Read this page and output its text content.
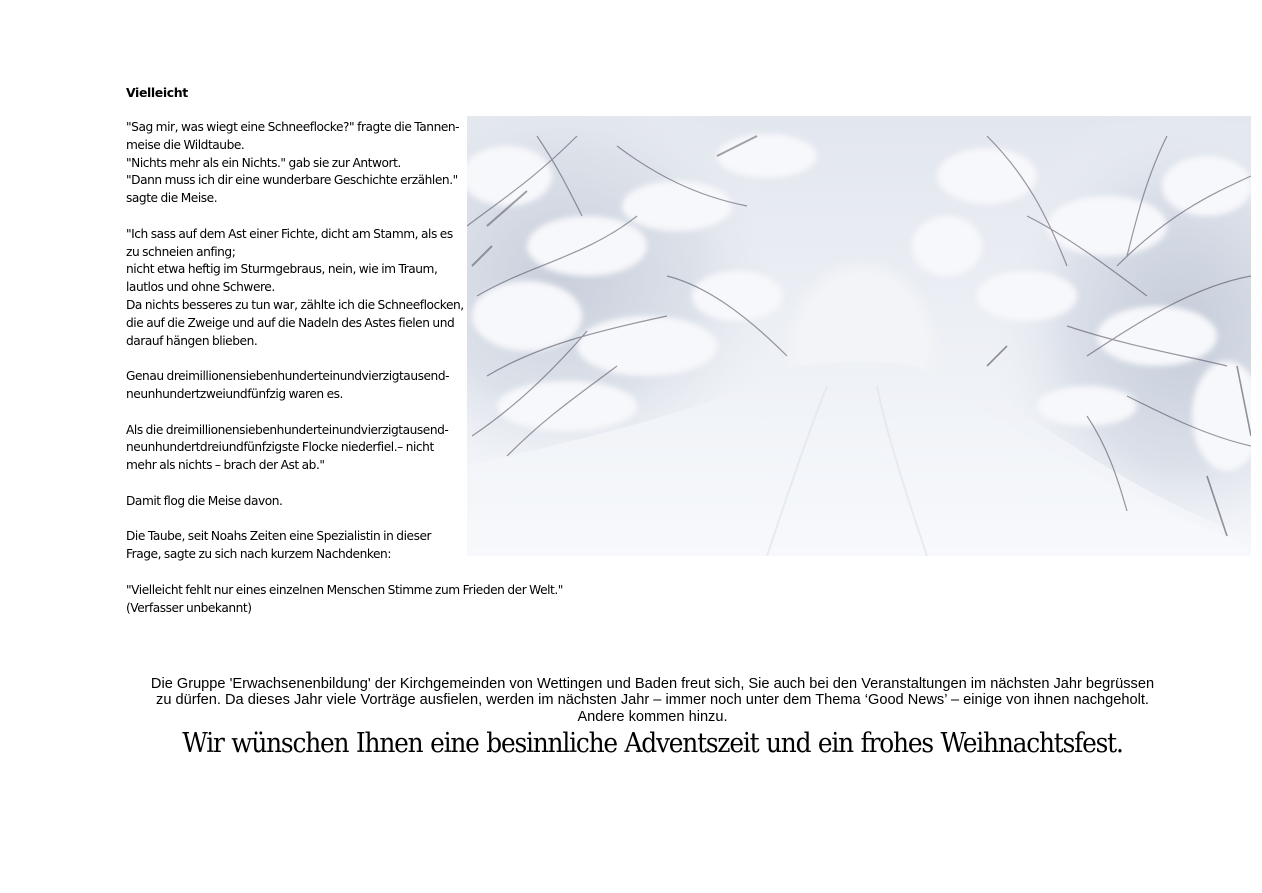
Vielleicht
"Sag mir, was wiegt eine Schneeflocke?" fragte die Tannen-
meise die Wildtaube.
"Nichts mehr als ein Nichts." gab sie zur Antwort.
"Dann muss ich dir eine wunderbare Geschichte erzählen."
sagte die Meise.
"Ich sass auf dem Ast einer Fichte, dicht am Stamm, als es
zu schneien anfing;
nicht etwa heftig im Sturmgebraus, nein, wie im Traum,
lautlos und ohne Schwere.
Da nichts besseres zu tun war, zählte ich die Schneeflocken,
die auf die Zweige und auf die Nadeln des Astes fielen und
darauf hängen blieben.
Genau dreimillionensiebenhunderteinundvierzigtausend-
neunhundertzweiundfünfzig waren es.
Als die dreimillionensiebenhunderteinundvierzigtausend-
neunhundertdreiundfünfzigste Flocke niederfiel.– nicht
mehr als nichts – brach der Ast ab."
Damit flog die Meise davon.
Die Taube, seit Noahs Zeiten eine Spezialistin in dieser
Frage, sagte zu sich nach kurzem Nachdenken:
"Vielleicht fehlt nur eines einzelnen Menschen Stimme zum Frieden der Welt."
(Verfasser unbekannt)

Die Gruppe 'Erwachsenenbildung' der Kirchgemeinden von Wettingen und Baden freut sich, Sie auch bei den Veranstaltungen im nächsten Jahr begrüssen
zu dürfen. Da dieses Jahr viele Vorträge ausfielen, werden im nächsten Jahr – immer noch unter dem Thema ‘Good News’ – einige von ihnen nachgeholt.
Andere kommen hinzu.

Wir wünschen Ihnen eine besinnliche Adventszeit und ein frohes Weihnachtsfest.
